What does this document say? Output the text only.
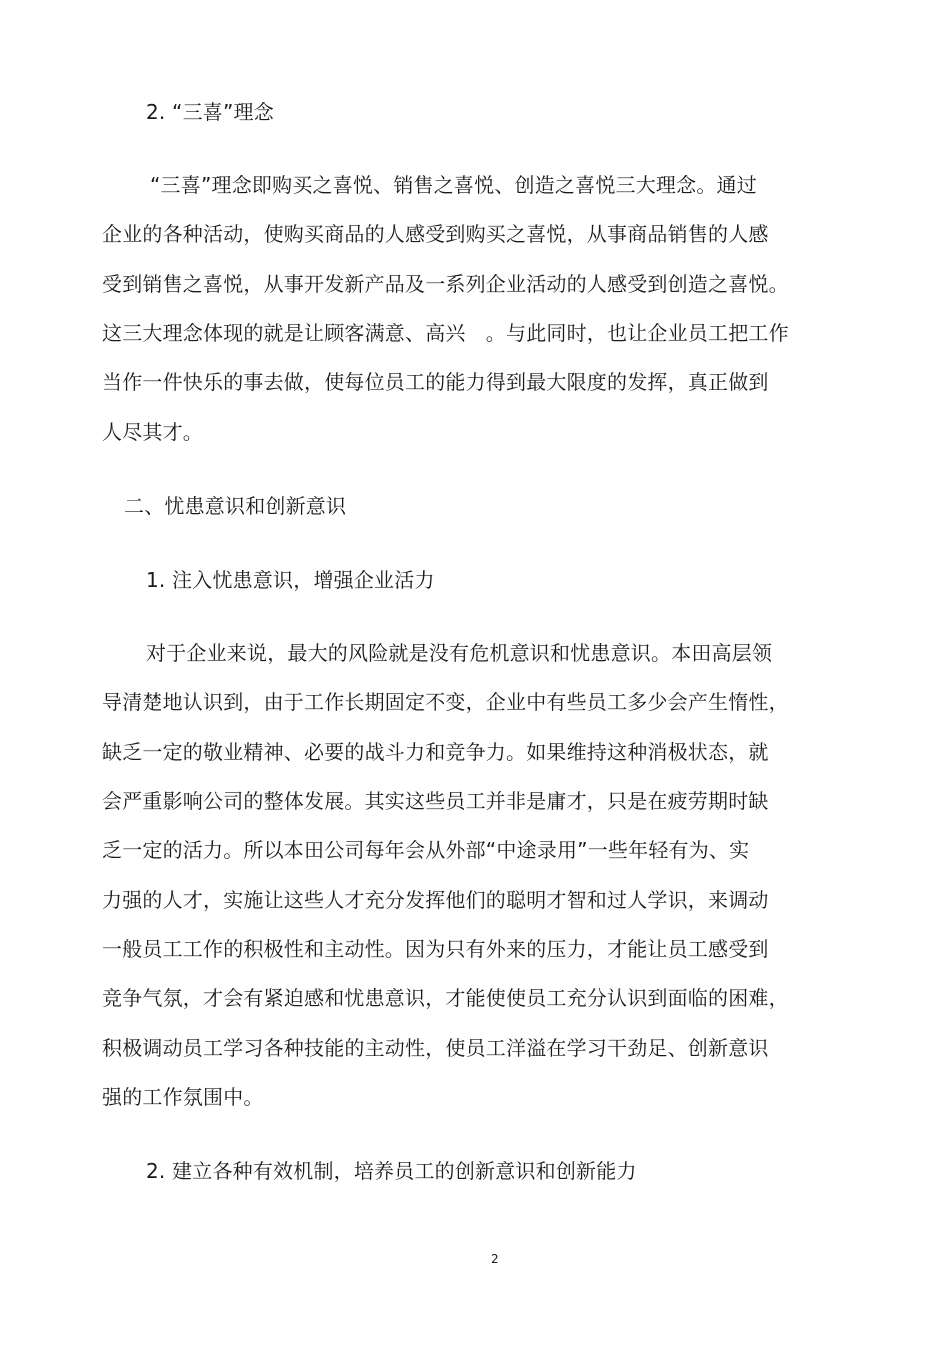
2. “三喜”理念
“三喜”理念即购买之喜悦、销售之喜悦、创造之喜悦三大理念。通过
企业的各种活动，使购买商品的人感受到购买之喜悦，从事商品销售的人感
受到销售之喜悦，从事开发新产品及一系列企业活动的人感受到创造之喜悦。
这三大理念体现的就是让顾客满意、高兴　。与此同时，也让企业员工把工作
当作一件快乐的事去做，使每位员工的能力得到最大限度的发挥，真正做到
人尽其才。
二、忧患意识和创新意识
1. 注入忧患意识，增强企业活力
对于企业来说，最大的风险就是没有危机意识和忧患意识。本田高层领
导清楚地认识到，由于工作长期固定不变，企业中有些员工多少会产生惰性，
缺乏一定的敬业精神、必要的战斗力和竞争力。如果维持这种消极状态，就
会严重影响公司的整体发展。其实这些员工并非是庸才，只是在疲劳期时缺
乏一定的活力。所以本田公司每年会从外部“中途录用”一些年轻有为、实
力强的人才，实施让这些人才充分发挥他们的聪明才智和过人学识，来调动
一般员工工作的积极性和主动性。因为只有外来的压力，才能让员工感受到
竞争气氛，才会有紧迫感和忧患意识，才能使使员工充分认识到面临的困难，
积极调动员工学习各种技能的主动性，使员工洋溢在学习干劲足、创新意识
强的工作氛围中。
2. 建立各种有效机制，培养员工的创新意识和创新能力
2
